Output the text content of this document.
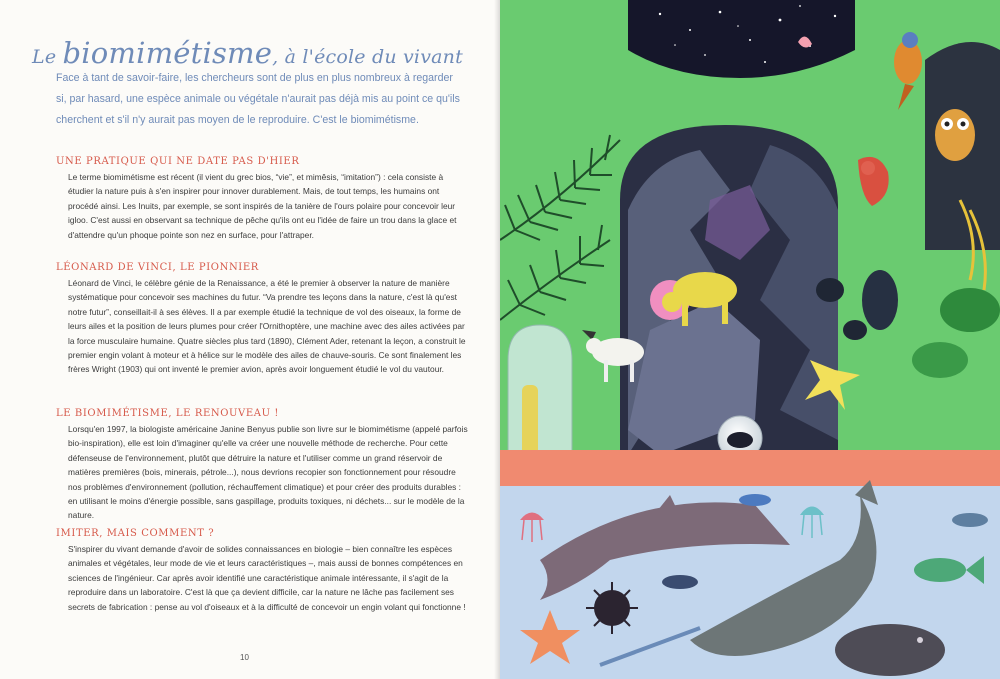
Le biomimétisme, à l'école du vivant

Face à tant de savoir-faire, les chercheurs sont de plus en plus nombreux à regarder si, par hasard, une espèce animale ou végétale n'aurait pas déjà mis au point ce qu'ils cherchent et s'il n'y aurait pas moyen de le reproduire. C'est le biomimétisme.

UNE PRATIQUE QUI NE DATE PAS D'HIER

Le terme biomimétisme est récent (il vient du grec bios, “vie”, et mimêsis, “imitation”) : cela consiste à étudier la nature puis à s'en inspirer pour innover durablement. Mais, de tout temps, les humains ont procédé ainsi. Les Inuits, par exemple, se sont inspirés de la tanière de l'ours polaire pour concevoir leur igloo. C'est aussi en observant sa technique de pêche qu'ils ont eu l'idée de faire un trou dans la glace et d'attendre qu'un phoque pointe son nez en surface, pour l'attraper.

LÉONARD DE VINCI, LE PIONNIER

Léonard de Vinci, le célèbre génie de la Renaissance, a été le premier à observer la nature de manière systématique pour concevoir ses machines du futur. “Va prendre tes leçons dans la nature, c'est là qu'est notre futur”, conseillait-il à ses élèves. Il a par exemple étudié la technique de vol des oiseaux, la forme de leurs ailes et la position de leurs plumes pour créer l'Ornithoptère, une machine avec des ailes activées par la force musculaire humaine. Quatre siècles plus tard (1890), Clément Ader, retenant la leçon, a construit le premier engin volant à moteur et à hélice sur le modèle des ailes de chauve-souris. Ce sont finalement les frères Wright (1903) qui ont inventé le premier avion, après avoir longuement étudié le vol du vautour.

LE BIOMIMÉTISME, LE RENOUVEAU !

Lorsqu'en 1997, la biologiste américaine Janine Benyus publie son livre sur le biomimétisme (appelé parfois bio-inspiration), elle est loin d'imaginer qu'elle va créer une nouvelle méthode de recherche. Pour cette défenseuse de l'environnement, plutôt que détruire la nature et l'utiliser comme un grand réservoir de matières premières (bois, minerais, pétrole...), nous devrions recopier son fonctionnement pour résoudre nos problèmes d'environnement (pollution, réchauffement climatique) et pour créer des produits durables : en utilisant le moins d'énergie possible, sans gaspillage, produits toxiques, ni déchets... sur le modèle de la nature.

IMITER, MAIS COMMENT ?

S'inspirer du vivant demande d'avoir de solides connaissances en biologie – bien connaître les espèces animales et végétales, leur mode de vie et leurs caractéristiques –, mais aussi de bonnes compétences en sciences de l'ingénieur. Car après avoir identifié une caractéristique animale intéressante, il s'agit de la reproduire dans un laboratoire. C'est là que ça devient difficile, car la nature ne lâche pas facilement ses secrets de fabrication : pense au vol d'oiseaux et à la difficulté de concevoir un engin volant qui fonctionne !

10
